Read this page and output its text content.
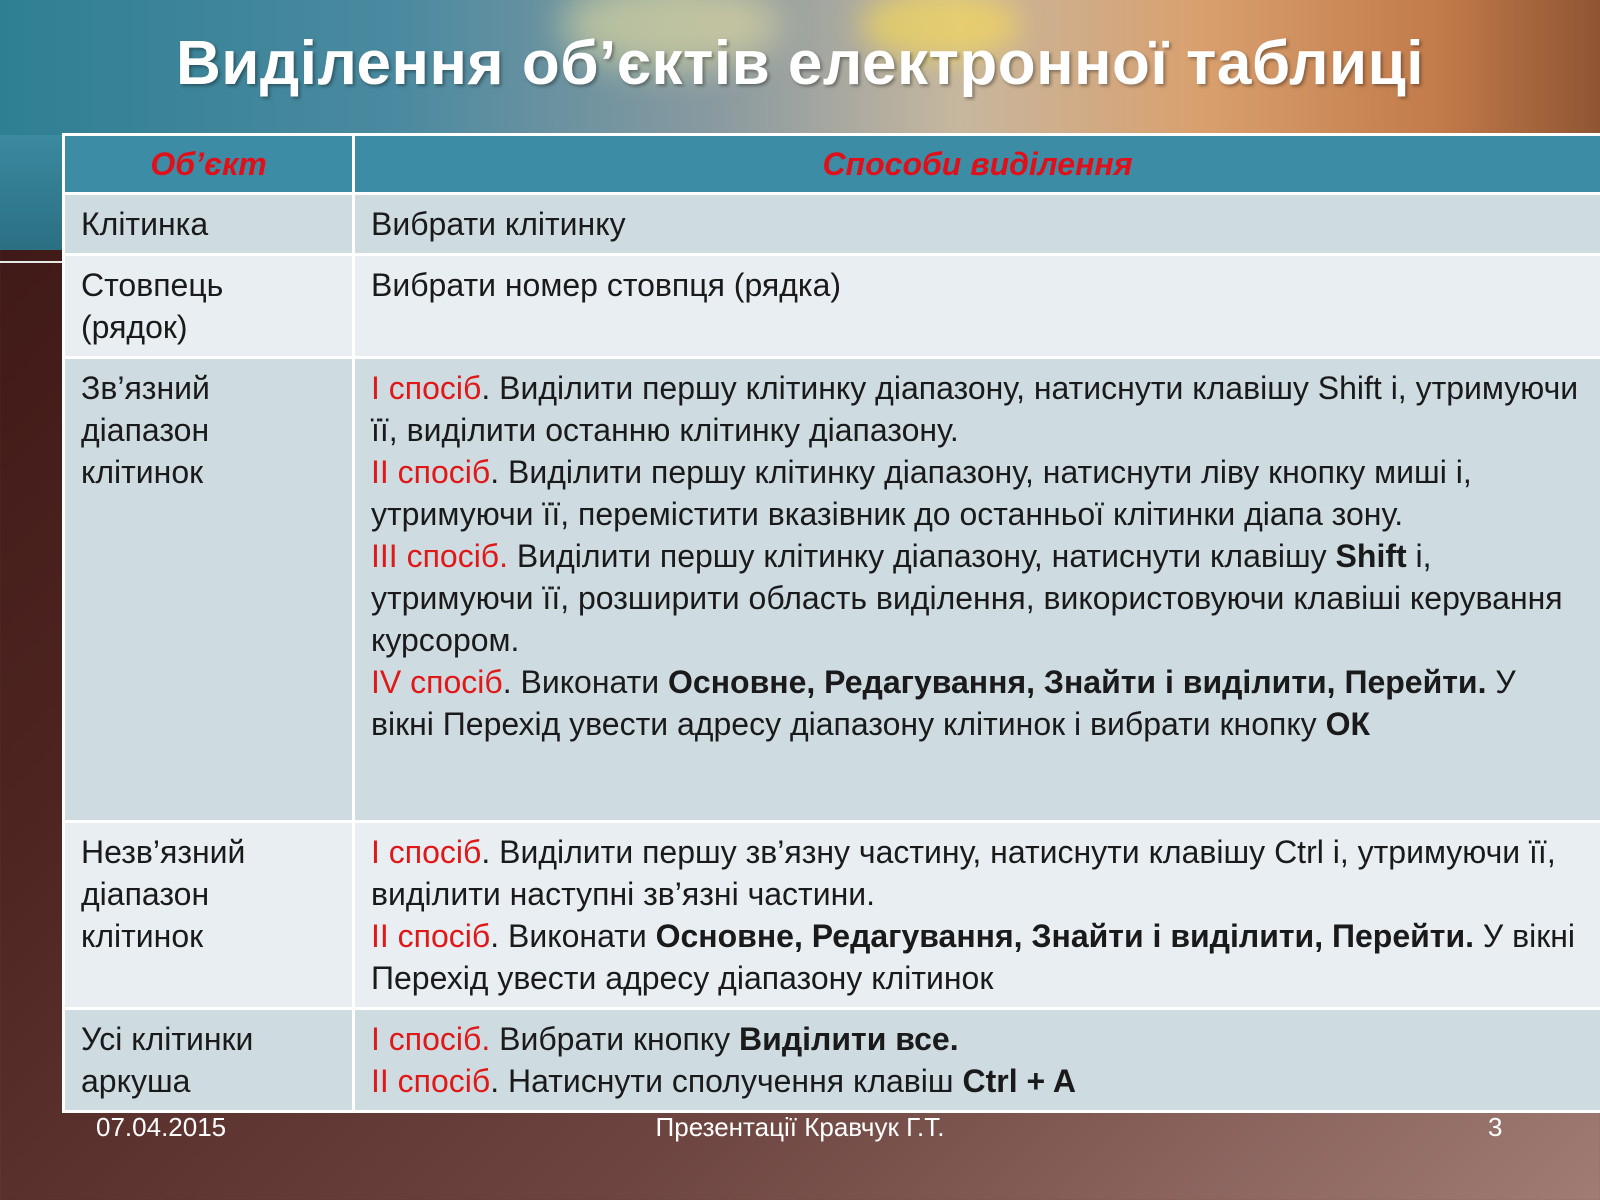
Виділення об’єктів електронної таблиці
Об’єкт	Способи виділення
Клітинка	Вибрати клітинку
Стовпець (рядок)	Вибрати номер стовпця (рядка)
Зв’язний діапазон клітинок	I спосіб. Виділити першу клітинку діапазону, натиснути клавішу Shift і, утримуючи її, виділити останню клітинку діапазону.
II спосіб. Виділити першу клітинку діапазону, натиснути ліву кнопку миші і, утримуючи її, перемістити вказівник до останньої клітинки діапа зону.
III спосіб. Виділити першу клітинку діапазону, натиснути клавішу Shift і, утримуючи її, розширити область виділення, використовуючи клавіші керування курсором.
IV спосіб. Виконати Основне, Редагування, Знайти і виділити, Перейти. У вікні Перехід увести адресу діапазону клітинок і вибрати кнопку ОК

Незв’язний діапазон клітинок	I спосіб. Виділити першу зв’язну частину, натиснути клавішу Ctrl і, утримуючи її, виділити наступні зв’язні частини.
II спосіб. Виконати Основне, Редагування, Знайти і виділити, Перейти. У вікні Перехід увести адресу діапазону клітинок

Усі клітинки аркуша	I спосіб. Вибрати кнопку Виділити все.
II спосіб. Натиснути сполучення клавіш Ctrl + A
07.04.2015	Презентації Кравчук Г.Т.	3
